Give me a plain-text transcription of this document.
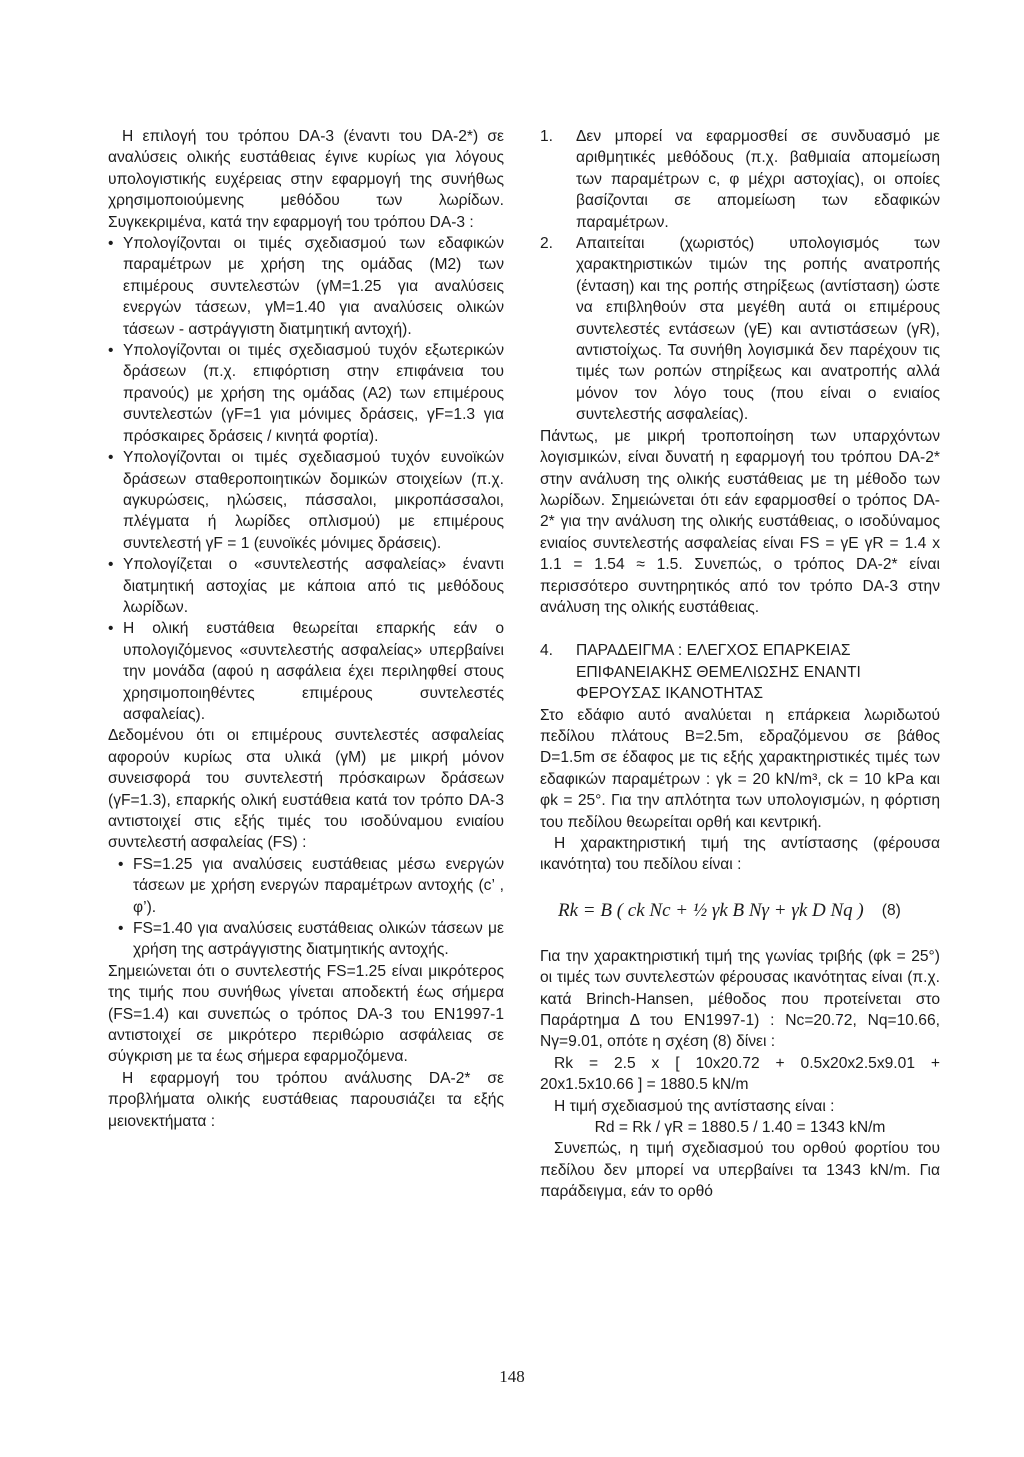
Η επιλογή του τρόπου DA-3 (έναντι του DA-2*) σε αναλύσεις ολικής ευστάθειας έγινε κυρίως για λόγους υπολογιστικής ευχέρειας στην εφαρμογή της συνήθως χρησιμοποιούμενης μεθόδου των λωρίδων. Συγκεκριμένα, κατά την εφαρμογή του τρόπου DA-3 :

• Υπολογίζονται οι τιμές σχεδιασμού των εδαφικών παραμέτρων με χρήση της ομάδας (M2) των επιμέρους συντελεστών (γM=1.25 για αναλύσεις ενεργών τάσεων, γM=1.40 για αναλύσεις ολικών τάσεων - αστράγγιστη διατμητική αντοχή).
• Υπολογίζονται οι τιμές σχεδιασμού τυχόν εξωτερικών δράσεων (π.χ. επιφόρτιση στην επιφάνεια του πρανούς) με χρήση της ομάδας (A2) των επιμέρους συντελεστών (γF=1 για μόνιμες δράσεις, γF=1.3 για πρόσκαιρες δράσεις / κινητά φορτία).
• Υπολογίζονται οι τιμές σχεδιασμού τυχόν ευνοϊκών δράσεων σταθεροποιητικών δομικών στοιχείων (π.χ. αγκυρώσεις, ηλώσεις, πάσσαλοι, μικροπάσσαλοι, πλέγματα ή λωρίδες οπλισμού) με επιμέρους συντελεστή γF = 1 (ευνοϊκές μόνιμες δράσεις).
• Υπολογίζεται ο «συντελεστής ασφαλείας» έναντι διατμητική αστοχίας με κάποια από τις μεθόδους λωρίδων.
• Η ολική ευστάθεια θεωρείται επαρκής εάν ο υπολογιζόμενος «συντελεστής ασφαλείας» υπερβαίνει την μονάδα (αφού η ασφάλεια έχει περιληφθεί στους χρησιμοποιηθέντες επιμέρους συντελεστές ασφαλείας).

Δεδομένου ότι οι επιμέρους συντελεστές ασφαλείας αφορούν κυρίως στα υλικά (γM) με μικρή μόνον συνεισφορά του συντελεστή πρόσκαιρων δράσεων (γF=1.3), επαρκής ολική ευστάθεια κατά τον τρόπο DA-3 αντιστοιχεί στις εξής τιμές του ισοδύναμου ενιαίου συντελεστή ασφαλείας (FS) :

• FS=1.25 για αναλύσεις ευστάθειας μέσω ενεργών τάσεων με χρήση ενεργών παραμέτρων αντοχής (c’ , φ’).
• FS=1.40 για αναλύσεις ευστάθειας ολικών τάσεων με χρήση της αστράγγιστης διατμητικής αντοχής.

Σημειώνεται ότι ο συντελεστής FS=1.25 είναι μικρότερος της τιμής που συνήθως γίνεται αποδεκτή έως σήμερα (FS=1.4) και συνεπώς ο τρόπος DA-3 του EN1997-1 αντιστοιχεί σε μικρότερο περιθώριο ασφάλειας σε σύγκριση με τα έως σήμερα εφαρμοζόμενα.

Η εφαρμογή του τρόπου ανάλυσης DA-2* σε προβλήματα ολικής ευστάθειας παρουσιάζει τα εξής μειονεκτήματα :

1. Δεν μπορεί να εφαρμοσθεί σε συνδυασμό με αριθμητικές μεθόδους (π.χ. βαθμιαία απομείωση των παραμέτρων c, φ μέχρι αστοχίας), οι οποίες βασίζονται σε απομείωση των εδαφικών παραμέτρων.
2. Απαιτείται (χωριστός) υπολογισμός των χαρακτηριστικών τιμών της ροπής ανατροπής (ένταση) και της ροπής στηρίξεως (αντίσταση) ώστε να επιβληθούν στα μεγέθη αυτά οι επιμέρους συντελεστές εντάσεων (γE) και αντιστάσεων (γR), αντιστοίχως. Τα συνήθη λογισμικά δεν παρέχουν τις τιμές των ροπών στηρίξεως και ανατροπής αλλά μόνον τον λόγο τους (που είναι ο ενιαίος συντελεστής ασφαλείας).

Πάντως, με μικρή τροποποίηση των υπαρχόντων λογισμικών, είναι δυνατή η εφαρμογή του τρόπου DA-2* στην ανάλυση της ολικής ευστάθειας με τη μέθοδο των λωρίδων. Σημειώνεται ότι εάν εφαρμοσθεί ο τρόπος DA-2* για την ανάλυση της ολικής ευστάθειας, ο ισοδύναμος ενιαίος συντελεστής ασφαλείας είναι FS = γE γR = 1.4 x 1.1 = 1.54 ≈ 1.5. Συνεπώς, ο τρόπος DA-2* είναι περισσότερο συντηρητικός από τον τρόπο DA-3 στην ανάλυση της ολικής ευστάθειας.

4. ΠΑΡΑΔΕΙΓΜΑ : ΕΛΕΓΧΟΣ ΕΠΑΡΚΕΙΑΣ ΕΠΙΦΑΝΕΙΑΚΗΣ ΘΕΜΕΛΙΩΣΗΣ ΕΝΑΝΤΙ ΦΕΡΟΥΣΑΣ ΙΚΑΝΟΤΗΤΑΣ

Στο εδάφιο αυτό αναλύεται η επάρκεια λωριδωτού πεδίλου πλάτους B=2.5m, εδραζόμενου σε βάθος D=1.5m σε έδαφος με τις εξής χαρακτηριστικές τιμές των εδαφικών παραμέτρων : γk = 20 kN/m³, ck = 10 kPa και φk = 25°. Για την απλότητα των υπολογισμών, η φόρτιση του πεδίλου θεωρείται ορθή και κεντρική.

Η χαρακτηριστική τιμή της αντίστασης (φέρουσα ικανότητα) του πεδίλου είναι :

Rk = B ( ck Nc + ½ γk B Nγ + γk D Nq ) (8)

Για την χαρακτηριστική τιμή της γωνίας τριβής (φk = 25°) οι τιμές των συντελεστών φέρουσας ικανότητας είναι (π.χ. κατά Brinch-Hansen, μέθοδος που προτείνεται στο Παράρτημα Δ του EN1997-1) : Nc=20.72, Nq=10.66, Nγ=9.01, οπότε η σχέση (8) δίνει :

Rk = 2.5 x [ 10x20.72 + 0.5x20x2.5x9.01 + 20x1.5x10.66 ] = 1880.5 kN/m

Η τιμή σχεδιασμού της αντίστασης είναι :

Rd = Rk / γR = 1880.5 / 1.40 = 1343 kN/m

Συνεπώς, η τιμή σχεδιασμού του ορθού φορτίου του πεδίλου δεν μπορεί να υπερβαίνει τα 1343 kN/m. Για παράδειγμα, εάν το ορθό

148
